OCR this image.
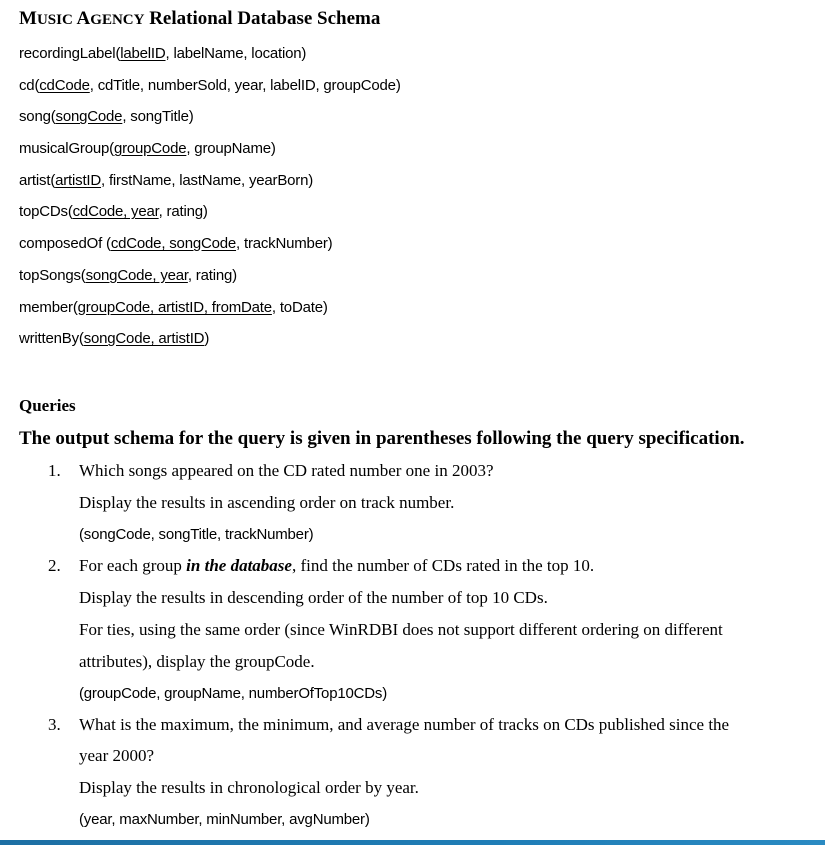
MUSIC AGENCY Relational Database Schema
recordingLabel(labelID, labelName, location)
cd(cdCode, cdTitle, numberSold, year, labelID, groupCode)
song(songCode, songTitle)
musicalGroup(groupCode, groupName)
artist(artistID, firstName, lastName, yearBorn)
topCDs(cdCode, year, rating)
composedOf (cdCode, songCode, trackNumber)
topSongs(songCode, year, rating)
member(groupCode, artistID, fromDate, toDate)
writtenBy(songCode, artistID)
Queries
The output schema for the query is given in parentheses following the query specification.
1. Which songs appeared on the CD rated number one in 2003?
Display the results in ascending order on track number.
(songCode, songTitle, trackNumber)
2. For each group in the database, find the number of CDs rated in the top 10.
Display the results in descending order of the number of top 10 CDs.
For ties, using the same order (since WinRDBI does not support different ordering on different
attributes), display the groupCode.
(groupCode, groupName, numberOfTop10CDs)
3. What is the maximum, the minimum, and average number of tracks on CDs published since the
year 2000?
Display the results in chronological order by year.
(year, maxNumber, minNumber, avgNumber)
